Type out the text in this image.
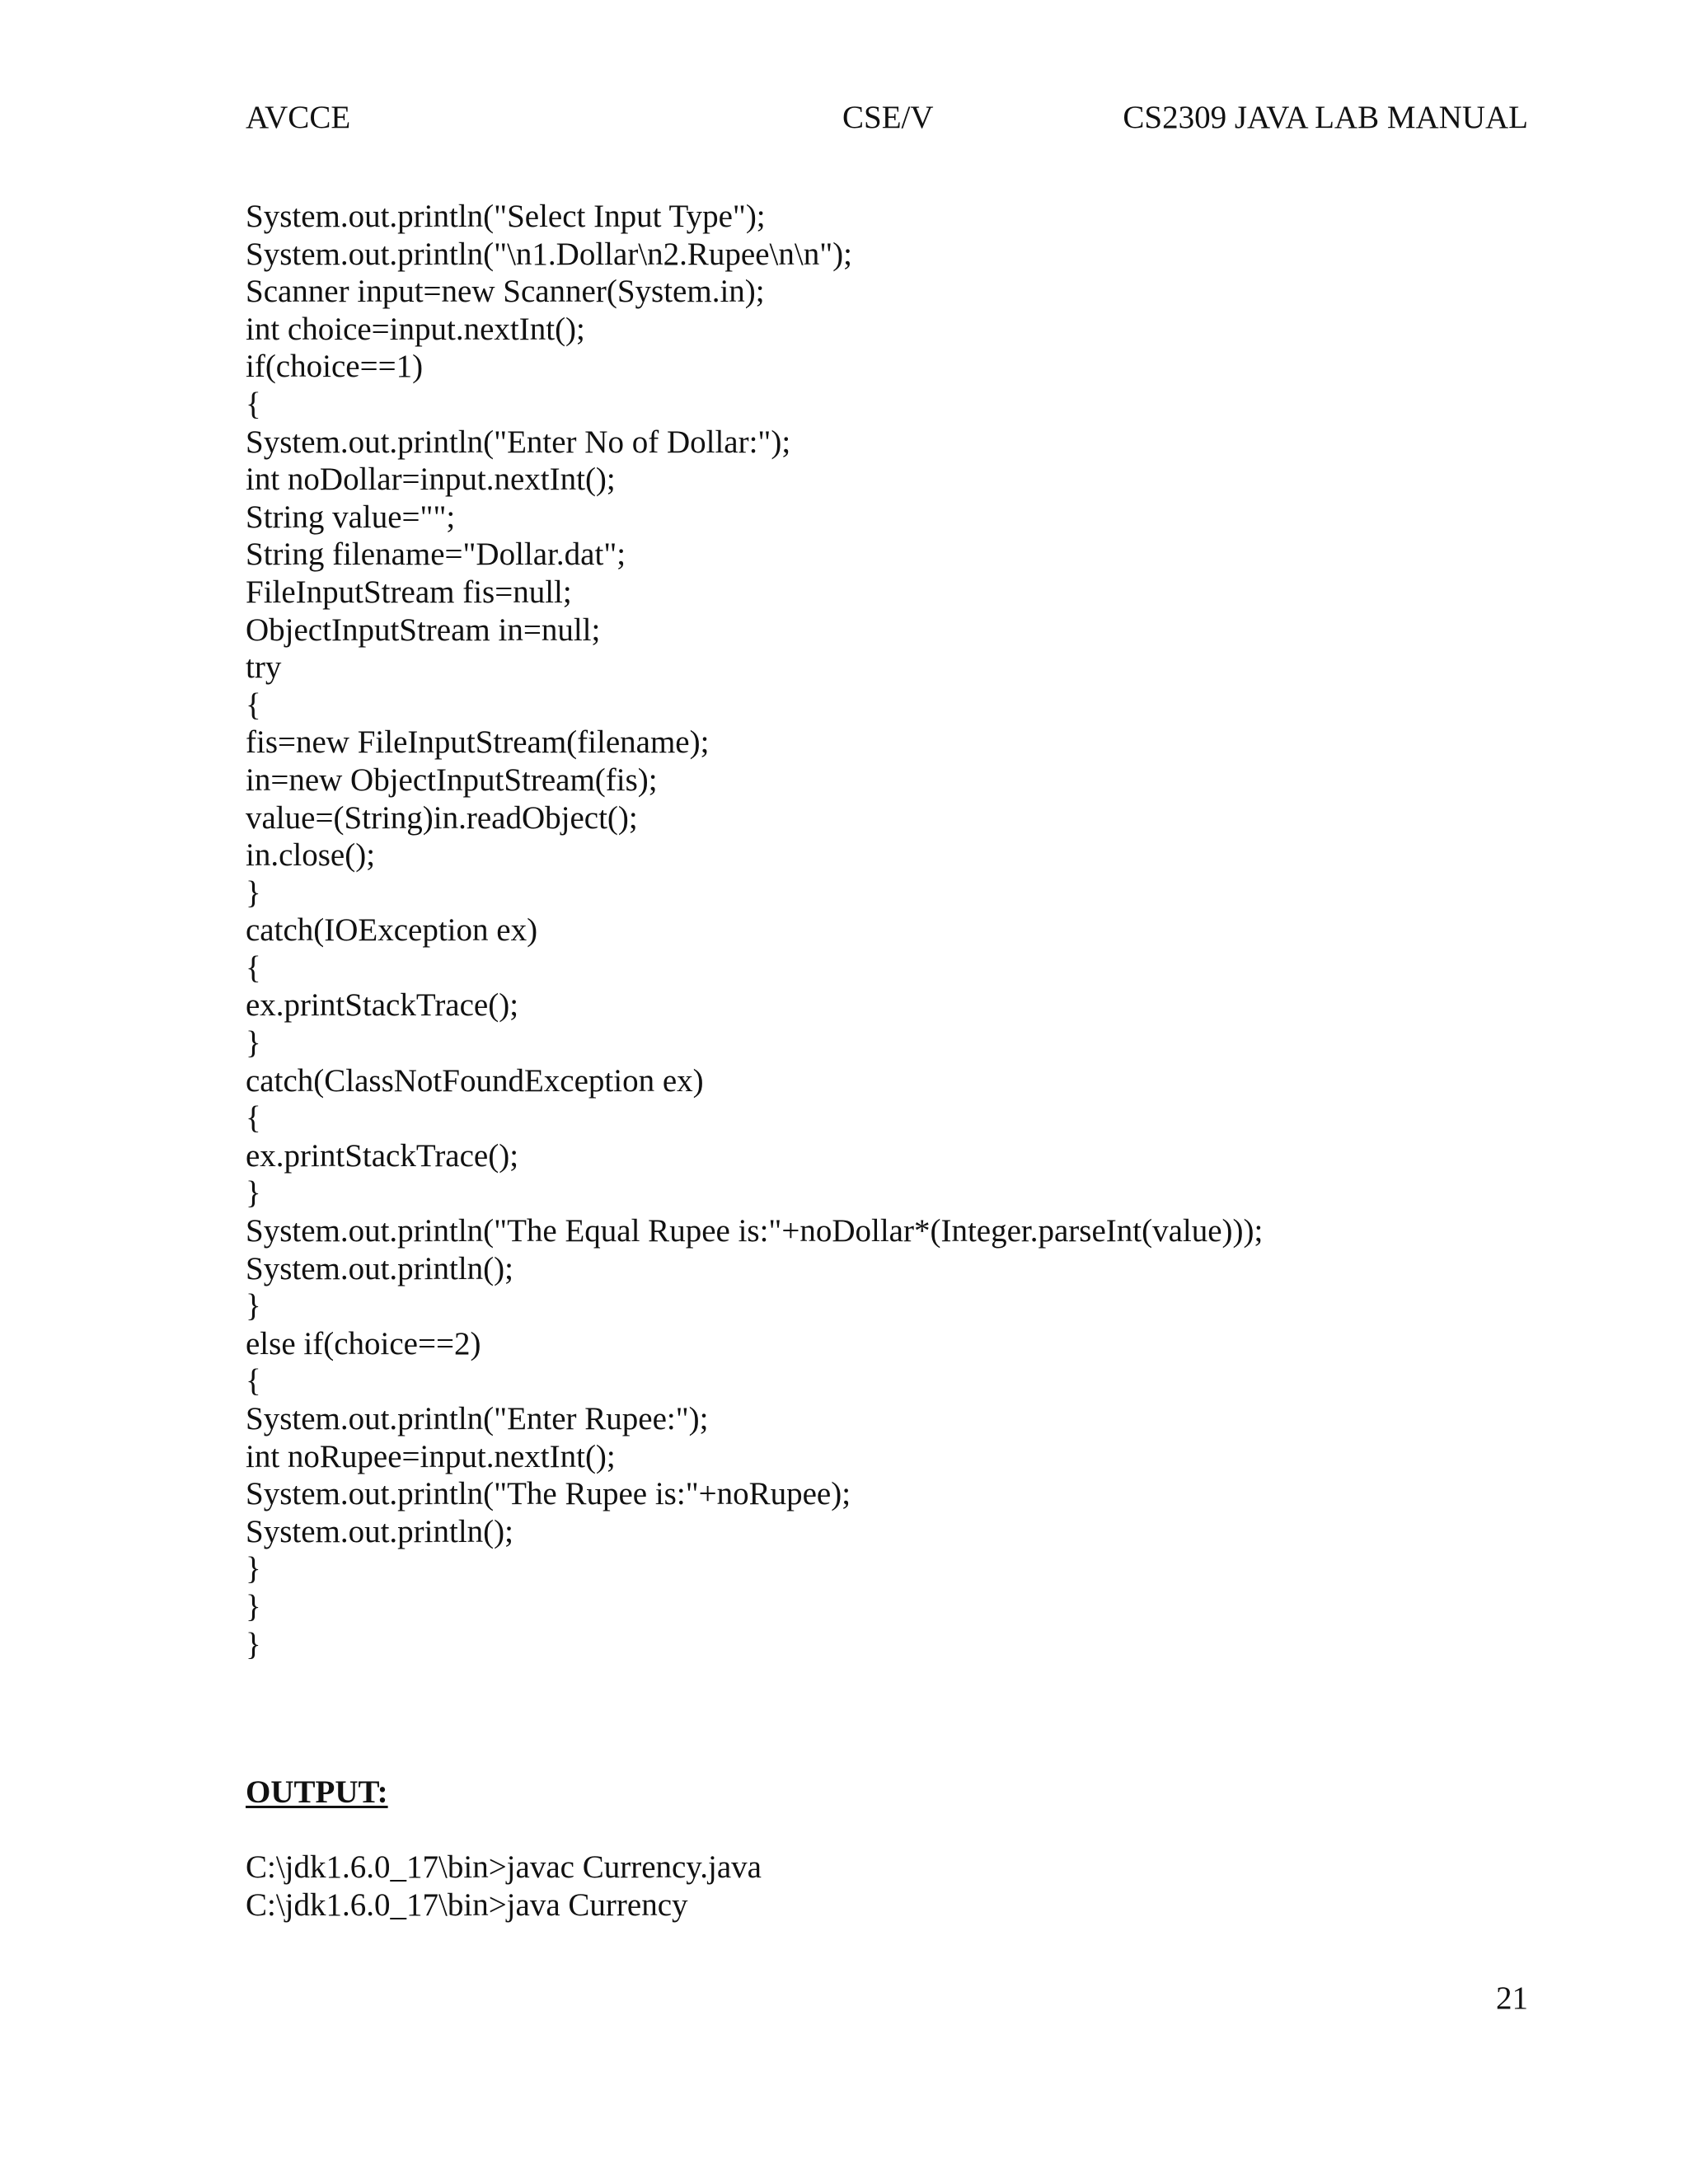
AVCCE	CSE/V	CS2309 JAVA LAB MANUAL
System.out.println("Select Input Type");
System.out.println("\n1.Dollar\n2.Rupee\n\n");
Scanner input=new Scanner(System.in);
int choice=input.nextInt();
if(choice==1)
{
System.out.println("Enter No of Dollar:");
int noDollar=input.nextInt();
String value="";
String filename="Dollar.dat";
FileInputStream fis=null;
ObjectInputStream in=null;
try
{
fis=new FileInputStream(filename);
in=new ObjectInputStream(fis);
value=(String)in.readObject();
in.close();
}
catch(IOException ex)
{
ex.printStackTrace();
}
catch(ClassNotFoundException ex)
{
ex.printStackTrace();
}
System.out.println("The Equal Rupee is:"+noDollar*(Integer.parseInt(value)));
System.out.println();
}
else if(choice==2)
{
System.out.println("Enter Rupee:");
int noRupee=input.nextInt();
System.out.println("The Rupee is:"+noRupee);
System.out.println();
}
}
}
OUTPUT:
C:\jdk1.6.0_17\bin>javac Currency.java
C:\jdk1.6.0_17\bin>java Currency
21
